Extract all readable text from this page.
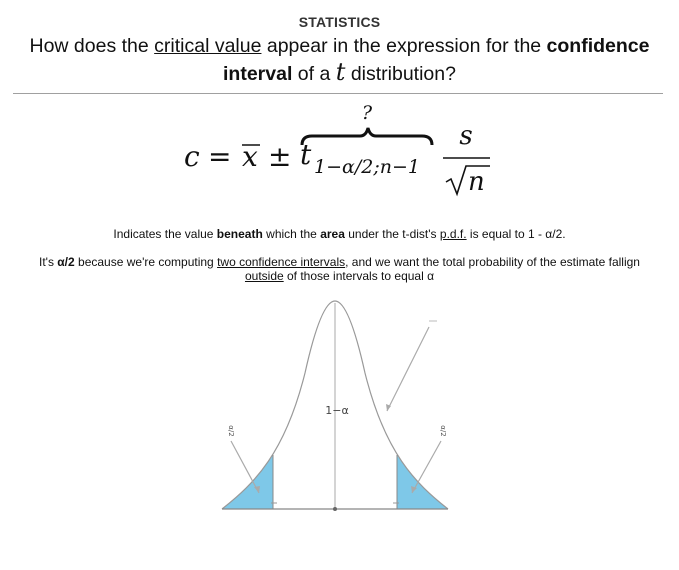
STATISTICS
How does the critical value appear in the expression for the confidence interval of a t distribution?
c = x ± t 1−α/2;n−1
?
s
n
Indicates the value beneath which the area under the t-dist's p.d.f. is equal to 1 - α/2.
It's α/2 because we're computing two confidence intervals, and we want the total probability of the estimate fallign outside of those intervals to equal α
1−α
α/2	α/2
